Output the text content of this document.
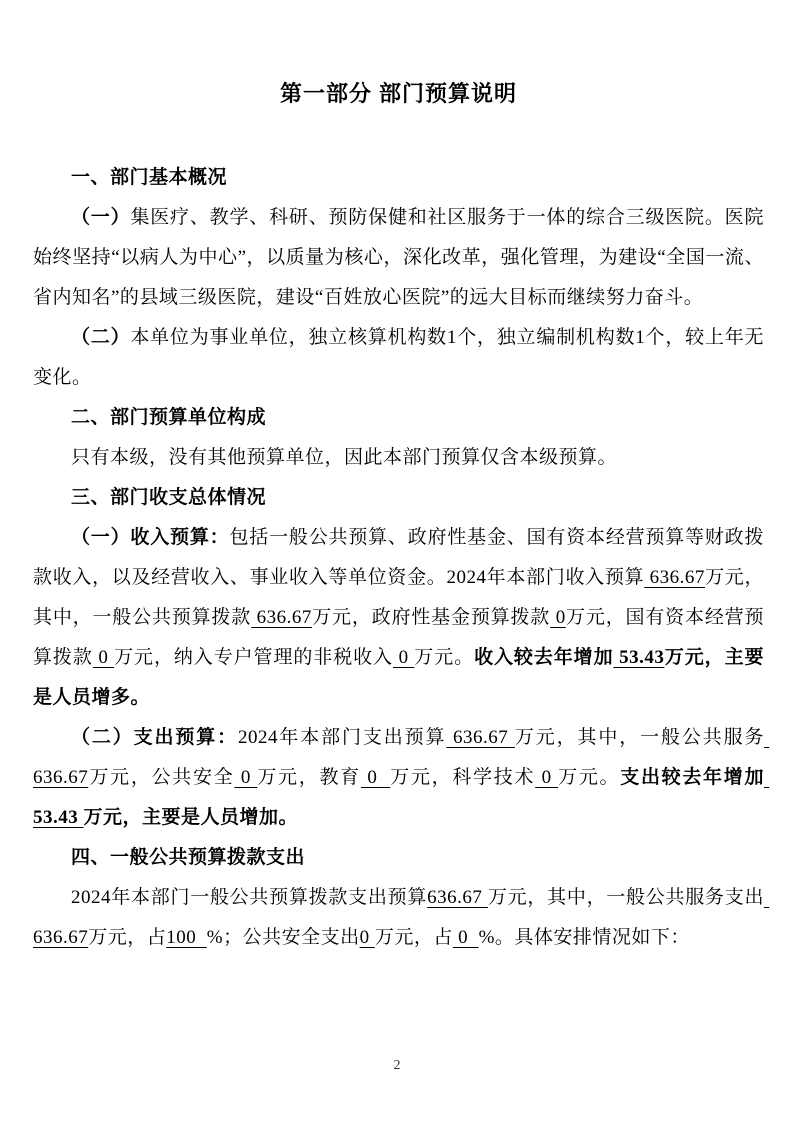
第一部分 部门预算说明

一、部门基本概况

（一）集医疗、教学、科研、预防保健和社区服务于一体的综合三级医院。医院始终坚持“以病人为中心”，以质量为核心，深化改革，强化管理，为建设“全国一流、省内知名”的县域三级医院，建设“百姓放心医院”的远大目标而继续努力奋斗。

（二）本单位为事业单位，独立核算机构数1个，独立编制机构数1个，较上年无变化。

二、部门预算单位构成

只有本级，没有其他预算单位，因此本部门预算仅含本级预算。

三、部门收支总体情况

（一）收入预算：包括一般公共预算、政府性基金、国有资本经营预算等财政拨款收入，以及经营收入、事业收入等单位资金。2024年本部门收入预算 636.67万元，其中，一般公共预算拨款 636.67万元，政府性基金预算拨款 0万元，国有资本经营预算拨款 0 万元，纳入专户管理的非税收入 0 万元。收入较去年增加 53.43万元，主要是人员增多。

（二）支出预算：2024年本部门支出预算 636.67 万元，其中，一般公共服务 636.67万元，公共安全 0 万元，教育 0  万元，科学技术 0 万元。支出较去年增加 53.43 万元，主要是人员增加。

四、一般公共预算拨款支出

2024年本部门一般公共预算拨款支出预算636.67 万元，其中，一般公共服务支出 636.67万元，占100  %；公共安全支出0 万元，占 0  %。具体安排情况如下：

2
